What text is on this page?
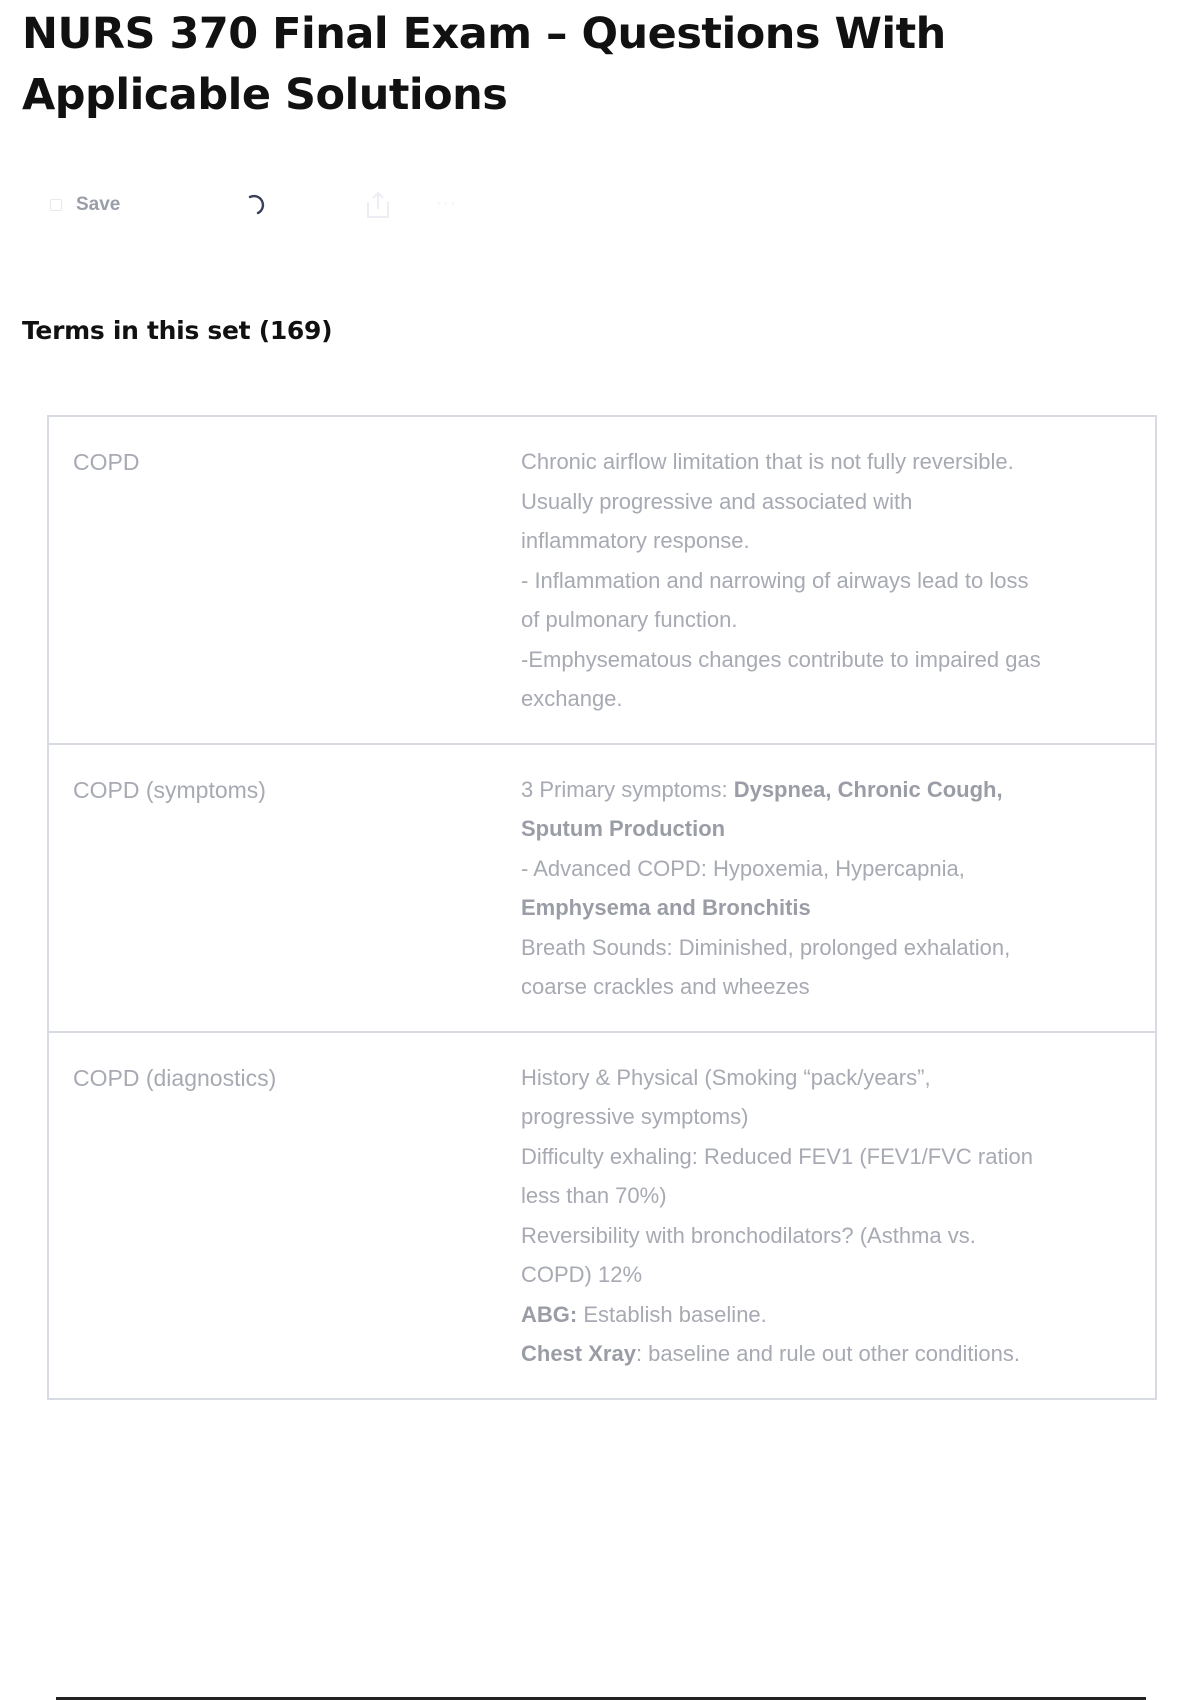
NURS 370 Final Exam – Questions With Applicable Solutions
Save	···
Terms in this set (169)
COPD	Chronic airflow limitation that is not fully reversible.
Usually progressive and associated with
inflammatory response.
- Inflammation and narrowing of airways lead to loss
of pulmonary function.
-Emphysematous changes contribute to impaired gas
exchange.
COPD (symptoms)	3 Primary symptoms: Dyspnea, Chronic Cough,
Sputum Production
- Advanced COPD: Hypoxemia, Hypercapnia,
Emphysema and Bronchitis
Breath Sounds: Diminished, prolonged exhalation,
coarse crackles and wheezes
COPD (diagnostics)	History & Physical (Smoking “pack/years”,
progressive symptoms)
Difficulty exhaling: Reduced FEV1 (FEV1/FVC ration
less than 70%)
Reversibility with bronchodilators? (Asthma vs.
COPD) 12%
ABG: Establish baseline.
Chest Xray: baseline and rule out other conditions.
